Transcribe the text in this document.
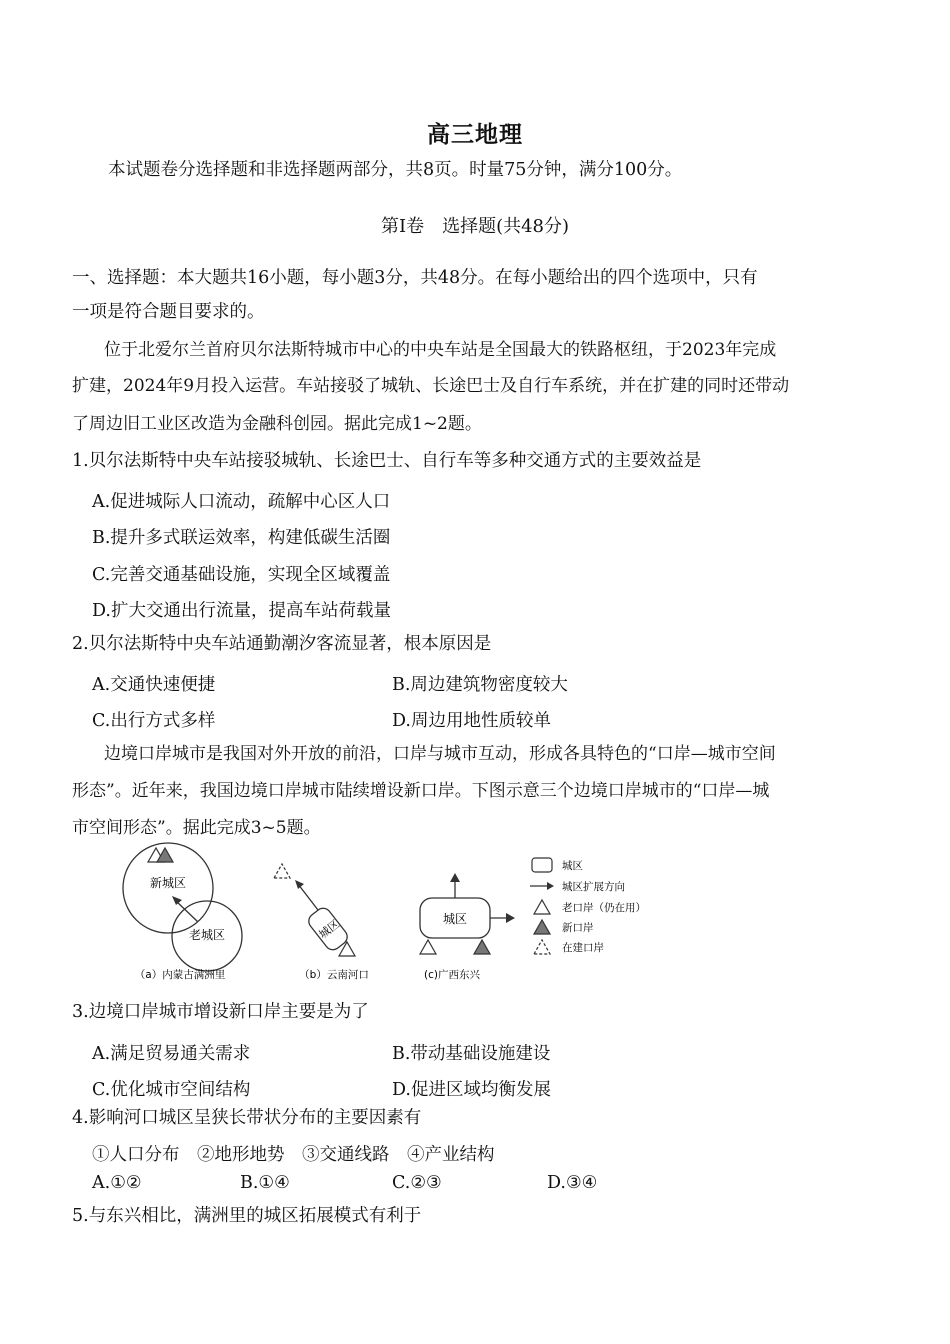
高三地理
本试题卷分选择题和非选择题两部分，共8页。时量75分钟，满分100分。
第Ⅰ卷　选择题(共48分)
一、选择题：本大题共16小题，每小题3分，共48分。在每小题给出的四个选项中，只有
一项是符合题目要求的。
位于北爱尔兰首府贝尔法斯特城市中心的中央车站是全国最大的铁路枢纽，于2023年完成
扩建，2024年9月投入运营。车站接驳了城轨、长途巴士及自行车系统，并在扩建的同时还带动
了周边旧工业区改造为金融科创园。据此完成1~2题。
1.贝尔法斯特中央车站接驳城轨、长途巴士、自行车等多种交通方式的主要效益是
A.促进城际人口流动，疏解中心区人口
B.提升多式联运效率，构建低碳生活圈
C.完善交通基础设施，实现全区域覆盖
D.扩大交通出行流量，提高车站荷载量
2.贝尔法斯特中央车站通勤潮汐客流显著，根本原因是
A.交通快速便捷	B.周边建筑物密度较大
C.出行方式多样	D.周边用地性质较单
边境口岸城市是我国对外开放的前沿，口岸与城市互动，形成各具特色的“口岸—城市空间
形态”。近年来，我国边境口岸城市陆续增设新口岸。下图示意三个边境口岸城市的“口岸—城
市空间形态”。据此完成3~5题。
新城区
老城区
（a）内蒙古满洲里
城区
（b）云南河口
城区
(c)广西东兴
城区
城区扩展方向
老口岸（仍在用）
新口岸
在建口岸
3.边境口岸城市增设新口岸主要是为了
A.满足贸易通关需求	B.带动基础设施建设
C.优化城市空间结构	D.促进区域均衡发展
4.影响河口城区呈狭长带状分布的主要因素有
①人口分布　②地形地势　③交通线路　④产业结构
A.①②	B.①④	C.②③	D.③④
5.与东兴相比，满洲里的城区拓展模式有利于
